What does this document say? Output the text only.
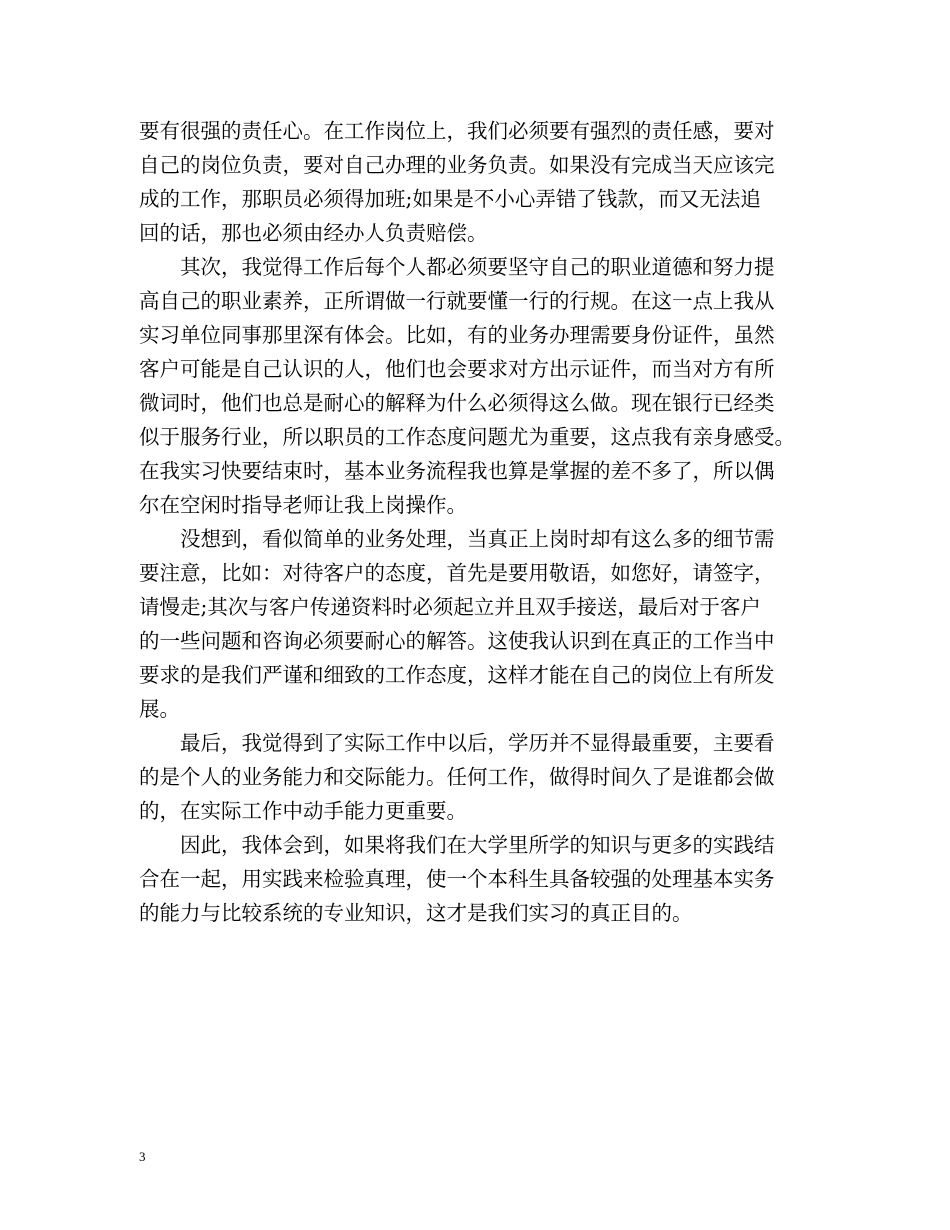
要有很强的责任心。在工作岗位上，我们必须要有强烈的责任感，要对
自己的岗位负责，要对自己办理的业务负责。如果没有完成当天应该完
成的工作，那职员必须得加班;如果是不小心弄错了钱款，而又无法追
回的话，那也必须由经办人负责赔偿。

其次，我觉得工作后每个人都必须要坚守自己的职业道德和努力提
高自己的职业素养，正所谓做一行就要懂一行的行规。在这一点上我从
实习单位同事那里深有体会。比如，有的业务办理需要身份证件，虽然
客户可能是自己认识的人，他们也会要求对方出示证件，而当对方有所
微词时，他们也总是耐心的解释为什么必须得这么做。现在银行已经类
似于服务行业，所以职员的工作态度问题尤为重要，这点我有亲身感受。
在我实习快要结束时，基本业务流程我也算是掌握的差不多了，所以偶
尔在空闲时指导老师让我上岗操作。

没想到，看似简单的业务处理，当真正上岗时却有这么多的细节需
要注意，比如：对待客户的态度，首先是要用敬语，如您好，请签字，
请慢走;其次与客户传递资料时必须起立并且双手接送，最后对于客户
的一些问题和咨询必须要耐心的解答。这使我认识到在真正的工作当中
要求的是我们严谨和细致的工作态度，这样才能在自己的岗位上有所发
展。

最后，我觉得到了实际工作中以后，学历并不显得最重要，主要看
的是个人的业务能力和交际能力。任何工作，做得时间久了是谁都会做
的，在实际工作中动手能力更重要。

因此，我体会到，如果将我们在大学里所学的知识与更多的实践结
合在一起，用实践来检验真理，使一个本科生具备较强的处理基本实务
的能力与比较系统的专业知识，这才是我们实习的真正目的。

3
